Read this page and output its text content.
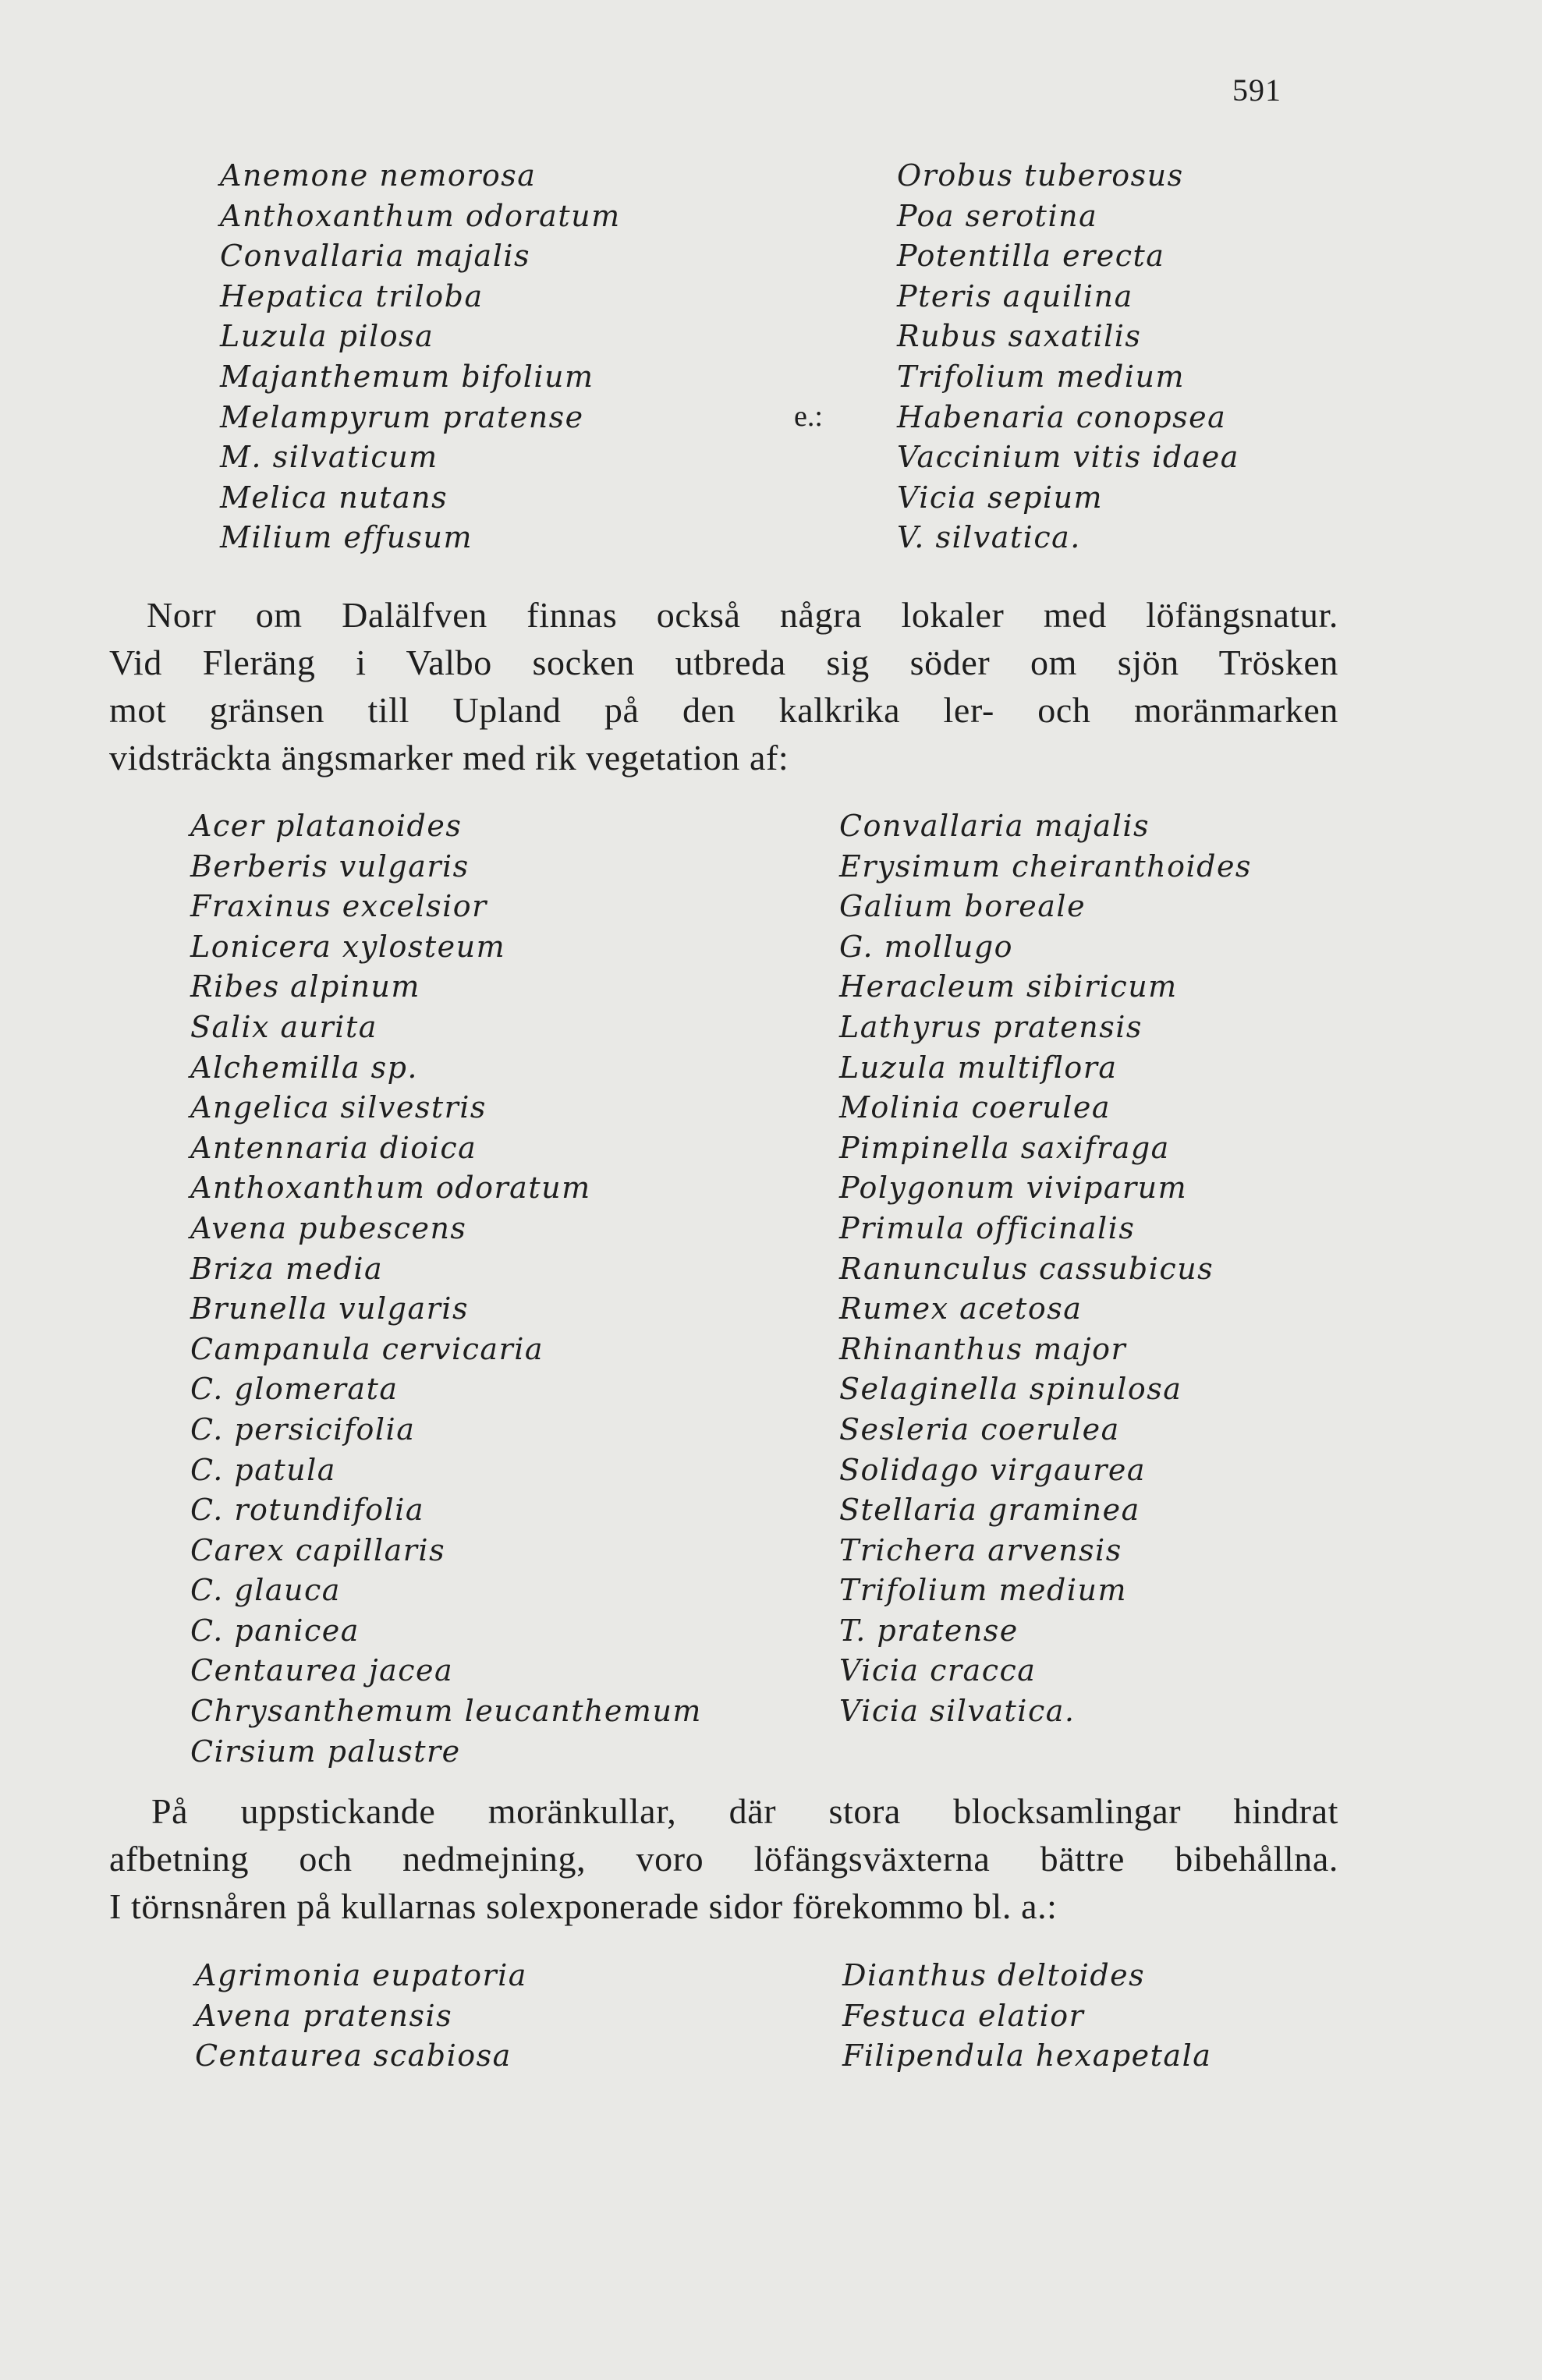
591
Anemone nemorosa
Anthoxanthum odoratum
Convallaria majalis
Hepatica triloba
Luzula pilosa
Majanthemum bifolium
Melampyrum pratense
M. silvaticum
Melica nutans
Milium effusum
e.:
Orobus tuberosus
Poa serotina
Potentilla erecta
Pteris aquilina
Rubus saxatilis
Trifolium medium
Habenaria conopsea
Vaccinium vitis idaea
Vicia sepium
V. silvatica.
Norr om Dalälfven finnas också några lokaler med löfängsnatur.
Vid Fleräng i Valbo socken utbreda sig söder om sjön Trösken
mot gränsen till Upland på den kalkrika ler- och moränmarken
vidsträckta ängsmarker med rik vegetation af:
Acer platanoides
Berberis vulgaris
Fraxinus excelsior
Lonicera xylosteum
Ribes alpinum
Salix aurita
Alchemilla sp.
Angelica silvestris
Antennaria dioica
Anthoxanthum odoratum
Avena pubescens
Briza media
Brunella vulgaris
Campanula cervicaria
C. glomerata
C. persicifolia
C. patula
C. rotundifolia
Carex capillaris
C. glauca
C. panicea
Centaurea jacea
Chrysanthemum leucanthemum
Cirsium palustre
Convallaria majalis
Erysimum cheiranthoides
Galium boreale
G. mollugo
Heracleum sibiricum
Lathyrus pratensis
Luzula multiflora
Molinia coerulea
Pimpinella saxifraga
Polygonum viviparum
Primula officinalis
Ranunculus cassubicus
Rumex acetosa
Rhinanthus major
Selaginella spinulosa
Sesleria coerulea
Solidago virgaurea
Stellaria graminea
Trichera arvensis
Trifolium medium
T. pratense
Vicia cracca
Vicia silvatica.
På uppstickande moränkullar, där stora blocksamlingar hindrat
afbetning och nedmejning, voro löfängsväxterna bättre bibehållna.
I törnsnåren på kullarnas solexponerade sidor förekommo bl. a.:
Agrimonia eupatoria
Avena pratensis
Centaurea scabiosa
Dianthus deltoides
Festuca elatior
Filipendula hexapetala
